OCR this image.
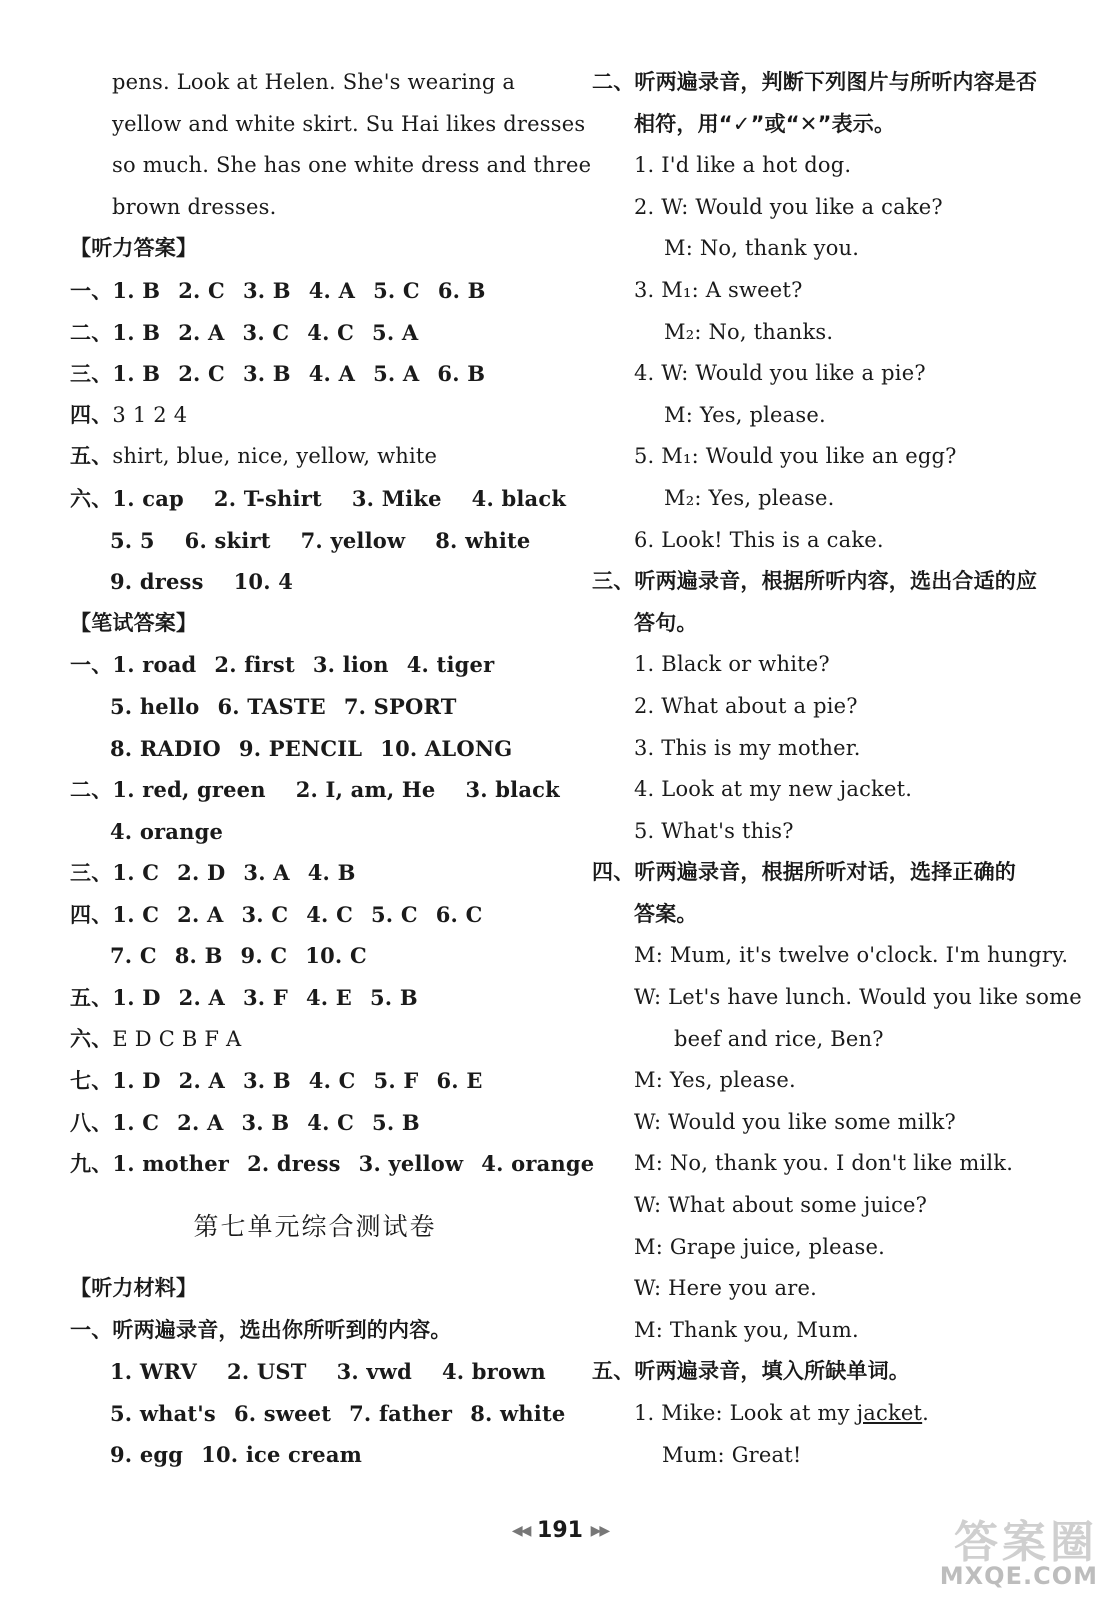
pens. Look at Helen. She's wearing a
yellow and white skirt. Su Hai likes dresses
so much. She has one white dress and three
brown dresses.
【听力答案】
一、1. B 2. C 3. B 4. A 5. C 6. B
二、1. B 2. A 3. C 4. C 5. A
三、1. B 2. C 3. B 4. A 5. A 6. B
四、3 1 2 4
五、shirt, blue, nice, yellow, white
六、1. cap 2. T-shirt 3. Mike 4. black
5. 5 6. skirt 7. yellow 8. white
9. dress 10. 4
【笔试答案】
一、1. road 2. first 3. lion 4. tiger
5. hello 6. TASTE 7. SPORT
8. RADIO 9. PENCIL 10. ALONG
二、1. red, green 2. I, am, He 3. black
4. orange
三、1. C 2. D 3. A 4. B
四、1. C 2. A 3. C 4. C 5. C 6. C
7. C 8. B 9. C 10. C
五、1. D 2. A 3. F 4. E 5. B
六、E D C B F A
七、1. D 2. A 3. B 4. C 5. F 6. E
八、1. C 2. A 3. B 4. C 5. B
九、1. mother 2. dress 3. yellow 4. orange
第七单元综合测试卷
【听力材料】
一、听两遍录音，选出你所听到的内容。
1. WRV 2. UST 3. vwd 4. brown
5. what's 6. sweet 7. father 8. white
9. egg 10. ice cream
二、听两遍录音，判断下列图片与所听内容是否
相符，用“✓”或“✕”表示。
1. I'd like a hot dog.
2. W: Would you like a cake?
M: No, thank you.
3. M₁: A sweet?
M₂: No, thanks.
4. W: Would you like a pie?
M: Yes, please.
5. M₁: Would you like an egg?
M₂: Yes, please.
6. Look! This is a cake.
三、听两遍录音，根据所听内容，选出合适的应
答句。
1. Black or white?
2. What about a pie?
3. This is my mother.
4. Look at my new jacket.
5. What's this?
四、听两遍录音，根据所听对话，选择正确的
答案。
M: Mum, it's twelve o'clock. I'm hungry.
W: Let's have lunch. Would you like some
beef and rice, Ben?
M: Yes, please.
W: Would you like some milk?
M: No, thank you. I don't like milk.
W: What about some juice?
M: Grape juice, please.
W: Here you are.
M: Thank you, Mum.
五、听两遍录音，填入所缺单词。
1. Mike: Look at my jacket.
Mum: Great!
◀◀ 191 ▶▶	答案圈
MXQE.COM
